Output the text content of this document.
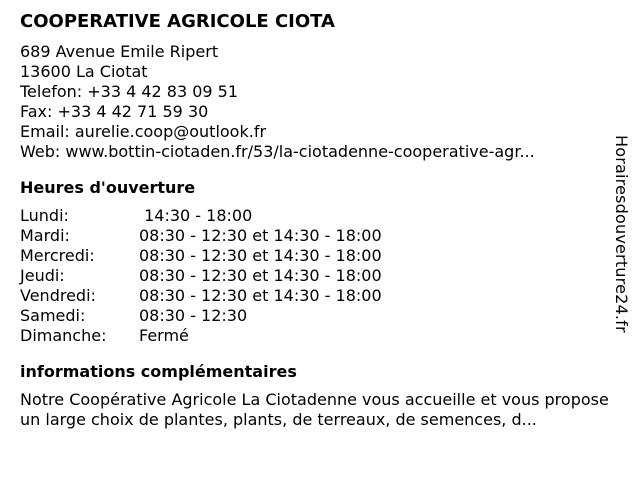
COOPERATIVE AGRICOLE CIOTA
689 Avenue Emile Ripert
13600 La Ciotat
Telefon: +33 4 42 83 09 51
Fax: +33 4 42 71 59 30
Email: aurelie.coop@outlook.fr
Web: www.bottin-ciotaden.fr/53/la-ciotadenne-cooperative-agr...
Heures d'ouverture
Lundi:	14:30 - 18:00
Mardi:	08:30 - 12:30 et 14:30 - 18:00
Mercredi:	08:30 - 12:30 et 14:30 - 18:00
Jeudi:	08:30 - 12:30 et 14:30 - 18:00
Vendredi:	08:30 - 12:30 et 14:30 - 18:00
Samedi:	08:30 - 12:30
Dimanche:	Fermé
informations complémentaires
Notre Coopérative Agricole La Ciotadenne vous accueille et vous propose un large choix de plantes, plants, de terreaux, de semences, d...
Horairesdouverture24.fr
